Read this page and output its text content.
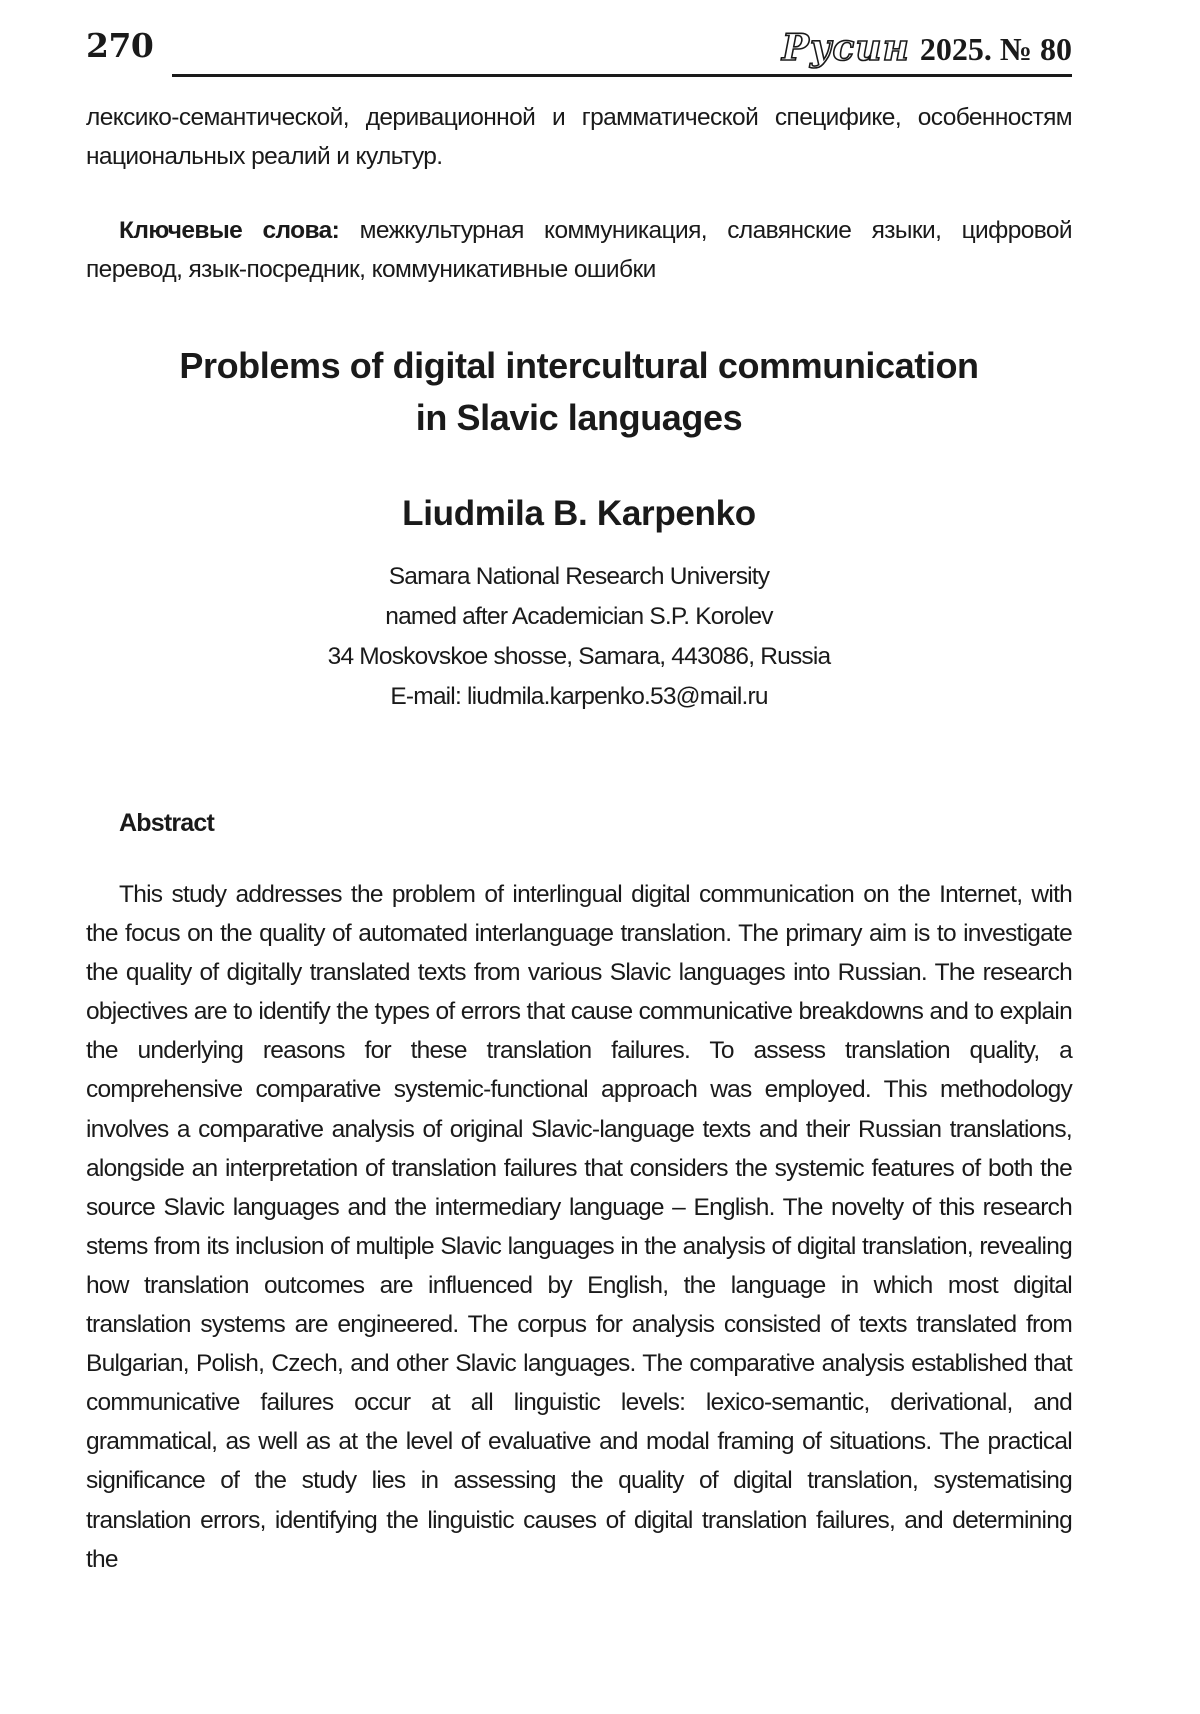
270	Русин 2025. № 80

лексико-семантической, деривационной и грамматической специфике, особенностям национальных реалий и культур.

Ключевые слова: межкультурная коммуникация, славянские языки, цифровой перевод, язык-посредник, коммуникативные ошибки

Problems of digital intercultural communication
in Slavic languages
Liudmila B. Karpenko
Samara National Research University
named after Academician S.P. Korolev
34 Moskovskoe shosse, Samara, 443086, Russia
E-mail: liudmila.karpenko.53@mail.ru
Abstract

This study addresses the problem of interlingual digital communication on the Internet, with the focus on the quality of automated interlanguage translation. The primary aim is to investigate the quality of digitally translated texts from various Slavic languages into Russian. The research objectives are to identify the types of errors that cause communicative breakdowns and to explain the underlying reasons for these translation failures. To assess translation quality, a comprehensive comparative systemic-functional approach was employed. This methodology involves a comparative analysis of original Slavic-language texts and their Russian translations, alongside an interpretation of translation failures that considers the systemic features of both the source Slavic languages and the intermediary language – English. The novelty of this research stems from its inclusion of multiple Slavic languages in the analysis of digital translation, revealing how translation outcomes are influenced by English, the language in which most digital translation systems are engineered. The corpus for analysis consisted of texts translated from Bulgarian, Polish, Czech, and other Slavic languages. The comparative analysis established that communicative failures occur at all linguistic levels: lexico-semantic, derivational, and grammatical, as well as at the level of evaluative and modal framing of situations. The practical significance of the study lies in assessing the quality of digital translation, systematising translation errors, identifying the linguistic causes of digital translation failures, and determining the
